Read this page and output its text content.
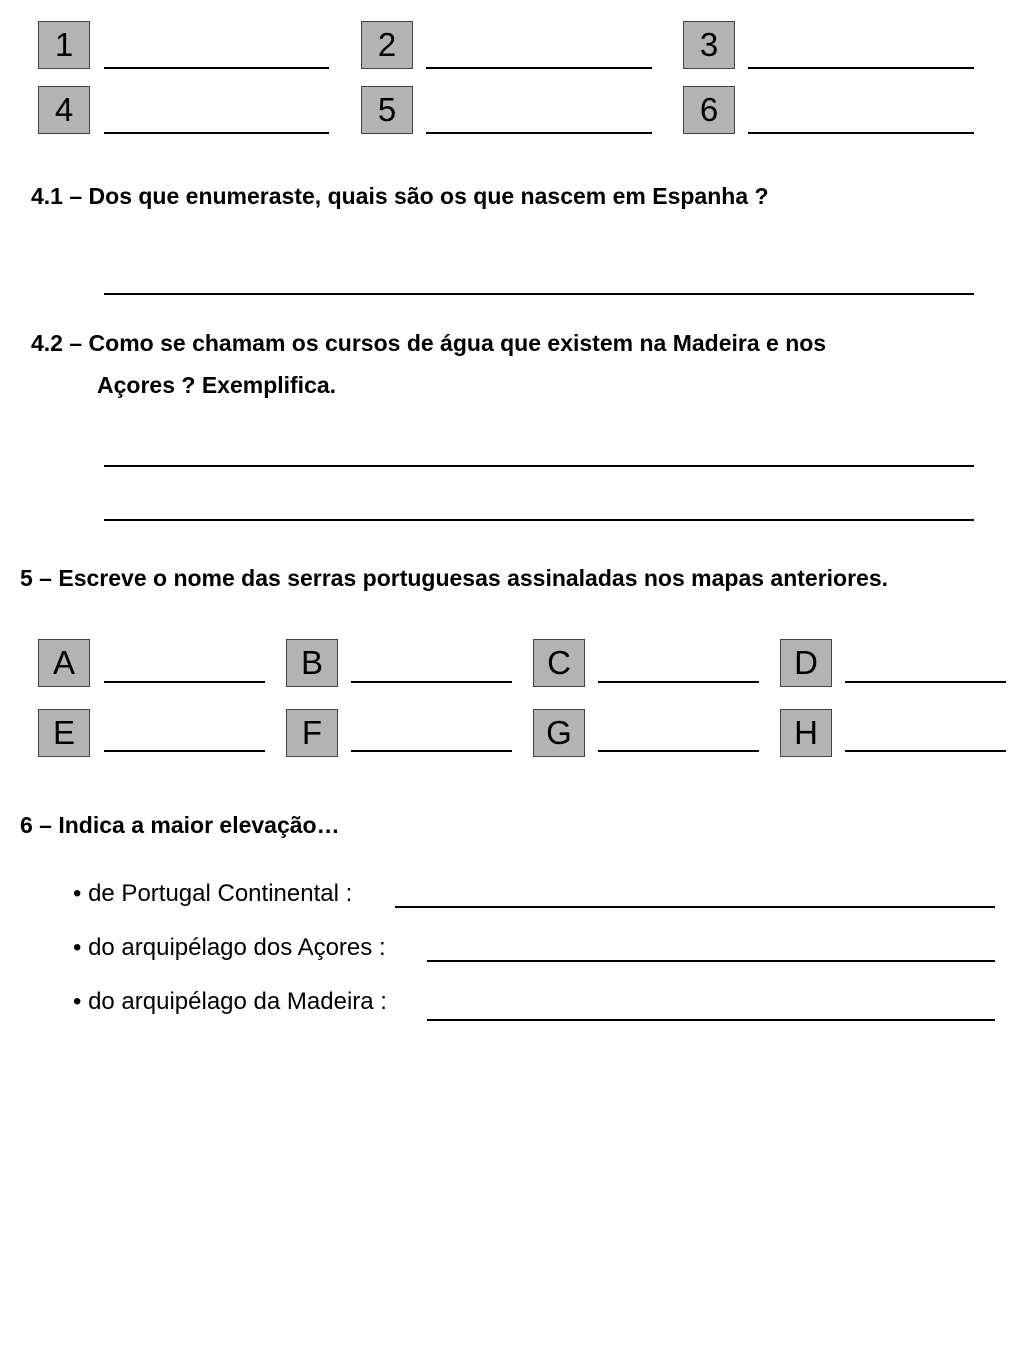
1	2	3
4	5	6
4.1 – Dos que enumeraste, quais são os que nascem em Espanha ?
4.2 – Como se chamam os cursos de água que existem na Madeira e nos
Açores ? Exemplifica.
5 – Escreve o nome das serras portuguesas assinaladas nos mapas anteriores.
A	B	C	D
E	F	G	H
6 – Indica a maior elevação…
• de Portugal Continental :
• do arquipélago dos Açores :
• do arquipélago da Madeira :
